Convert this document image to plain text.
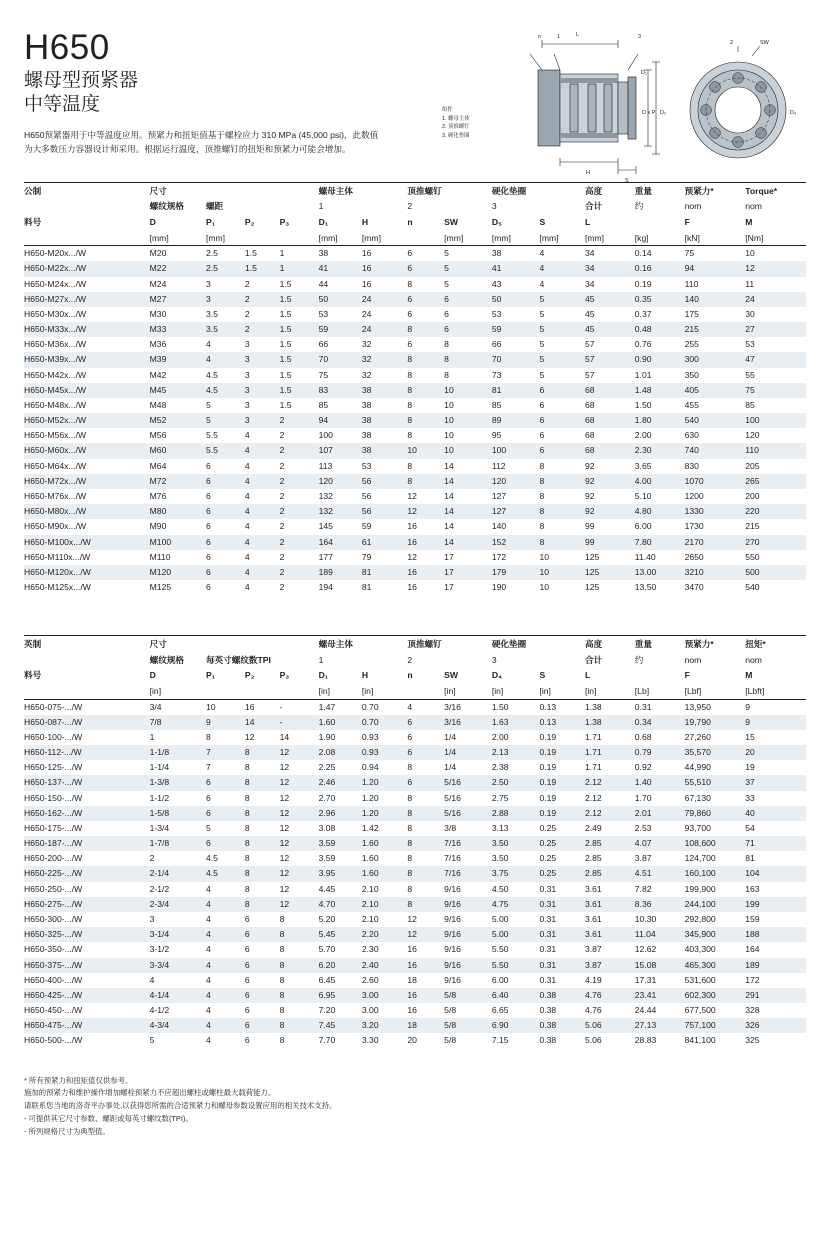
H650
螺母型预紧器
中等温度
H650预紧器用于中等温度应用。预紧力和扭矩值基于螺栓应力 310 MPa (45,000 psi)，此数值为大多数压力容器设计师采用。根据运行温度，顶推螺钉的扭矩和预紧力可能会增加。
n	1	L	3
D₁
D x P D₂
H
S
2	SW
D₃
组件
1. 螺母主体
2. 顶推螺钉
3. 硬化垫圈
公制	尺寸				螺母主体		顶推螺钉		硬化垫圈		高度	重量	预紧力*	Torque*
	螺纹规格	螺距			1		2		3		合计	约	nom	nom
料号	D	P₁	P₂	P₃	D₁	H	n	SW	D₅	S	L		F	M
	[mm]	[mm]			[mm]	[mm]		[mm]	[mm]	[mm]	[mm]	[kg]	[kN]	[Nm]
H650-M20x.../W	M20	2.5	1.5	1	38	16	6	5	38	4	34	0.14	75	10
H650-M22x.../W	M22	2.5	1.5	1	41	16	6	5	41	4	34	0.16	94	12
H650-M24x.../W	M24	3	2	1.5	44	16	8	5	43	4	34	0.19	110	11
H650-M27x.../W	M27	3	2	1.5	50	24	6	6	50	5	45	0.35	140	24
H650-M30x.../W	M30	3.5	2	1.5	53	24	6	6	53	5	45	0.37	175	30
H650-M33x.../W	M33	3.5	2	1.5	59	24	8	6	59	5	45	0.48	215	27
H650-M36x.../W	M36	4	3	1.5	66	32	6	8	66	5	57	0.76	255	53
H650-M39x.../W	M39	4	3	1.5	70	32	8	8	70	5	57	0.90	300	47
H650-M42x.../W	M42	4.5	3	1.5	75	32	8	8	73	5	57	1.01	350	55
H650-M45x.../W	M45	4.5	3	1.5	83	38	8	10	81	6	68	1.48	405	75
H650-M48x.../W	M48	5	3	1.5	85	38	8	10	85	6	68	1.50	455	85
H650-M52x.../W	M52	5	3	2	94	38	8	10	89	6	68	1.80	540	100
H650-M56x.../W	M56	5.5	4	2	100	38	8	10	95	6	68	2.00	630	120
H650-M60x.../W	M60	5.5	4	2	107	38	10	10	100	6	68	2.30	740	110
H650-M64x.../W	M64	6	4	2	113	53	8	14	112	8	92	3.65	830	205
H650-M72x.../W	M72	6	4	2	120	56	8	14	120	8	92	4.00	1070	265
H650-M76x.../W	M76	6	4	2	132	56	12	14	127	8	92	5.10	1200	200
H650-M80x.../W	M80	6	4	2	132	56	12	14	127	8	92	4.80	1330	220
H650-M90x.../W	M90	6	4	2	145	59	16	14	140	8	99	6.00	1730	215
H650-M100x.../W	M100	6	4	2	164	61	16	14	152	8	99	7.80	2170	270
H650-M110x.../W	M110	6	4	2	177	79	12	17	172	10	125	11.40	2650	550
H650-M120x.../W	M120	6	4	2	189	81	16	17	179	10	125	13.00	3210	500
H650-M125x.../W	M125	6	4	2	194	81	16	17	190	10	125	13.50	3470	540
英制	尺寸				螺母主体		顶推螺钉		硬化垫圈		高度	重量	预紧力*	扭矩*
	螺纹规格	每英寸螺纹数TPI			1		2		3		合计	约	nom	nom
料号	D	P₁	P₂	P₃	D₁	H	n	SW	D₄	S	L		F	M
	[in]				[in]	[in]		[in]	[in]	[in]	[in]	[Lb]	[Lbf]	[Lbft]
H650-075-.../W	3/4	10	16	-	1.47	0.70	4	3/16	1.50	0.13	1.38	0.31	13,950	9
H650-087-.../W	7/8	9	14	-	1.60	0.70	6	3/16	1.63	0.13	1.38	0.34	19,790	9
H650-100-.../W	1	8	12	14	1.90	0.93	6	1/4	2.00	0.19	1.71	0.68	27,260	15
H650-112-.../W	1-1/8	7	8	12	2.08	0.93	6	1/4	2.13	0.19	1.71	0.79	35,570	20
H650-125-.../W	1-1/4	7	8	12	2.25	0.94	8	1/4	2.38	0.19	1.71	0.92	44,990	19
H650-137-.../W	1-3/8	6	8	12	2.46	1.20	6	5/16	2.50	0.19	2.12	1.40	55,510	37
H650-150-.../W	1-1/2	6	8	12	2.70	1.20	8	5/16	2.75	0.19	2.12	1.70	67,130	33
H650-162-.../W	1-5/8	6	8	12	2.96	1.20	8	5/16	2.88	0.19	2.12	2.01	79,860	40
H650-175-.../W	1-3/4	5	8	12	3.08	1.42	8	3/8	3.13	0.25	2.49	2.53	93,700	54
H650-187-.../W	1-7/8	6	8	12	3.59	1.60	8	7/16	3.50	0.25	2.85	4.07	108,600	71
H650-200-.../W	2	4.5	8	12	3.59	1.60	8	7/16	3.50	0.25	2.85	3.87	124,700	81
H650-225-.../W	2-1/4	4.5	8	12	3.95	1.60	8	7/16	3.75	0.25	2.85	4.51	160,100	104
H650-250-.../W	2-1/2	4	8	12	4.45	2.10	8	9/16	4.50	0.31	3.61	7.82	199,900	163
H650-275-.../W	2-3/4	4	8	12	4.70	2.10	8	9/16	4.75	0.31	3.61	8.36	244,100	199
H650-300-.../W	3	4	6	8	5.20	2.10	12	9/16	5.00	0.31	3.61	10.30	292,800	159
H650-325-.../W	3-1/4	4	6	8	5.45	2.20	12	9/16	5.00	0.31	3.61	11.04	345,900	188
H650-350-.../W	3-1/2	4	6	8	5.70	2.30	16	9/16	5.50	0.31	3.87	12.62	403,300	164
H650-375-.../W	3-3/4	4	6	8	6.20	2.40	16	9/16	5.50	0.31	3.87	15.08	465,300	189
H650-400-.../W	4	4	6	8	6.45	2.60	18	9/16	6.00	0.31	4.19	17.31	531,600	172
H650-425-.../W	4-1/4	4	6	8	6.95	3.00	16	5/8	6.40	0.38	4.76	23.41	602,300	291
H650-450-.../W	4-1/2	4	6	8	7.20	3.00	16	5/8	6.65	0.38	4.76	24.44	677,500	328
H650-475-.../W	4-3/4	4	6	8	7.45	3.20	18	5/8	6.90	0.38	5.06	27.13	757,100	326
H650-500-.../W	5	4	6	8	7.70	3.30	20	5/8	7.15	0.38	5.06	28.83	841,100	325
* 所有预紧力和扭矩值仅供参考。
施加的预紧力和维护操作增加螺栓预紧力不应超出螺柱或螺柱最大载荷能力。
请联系您当地的洛奇平办事处,以获得您所需的合适预紧力和螺母参数设置应用的相关技术支持。
- 可提供其它尺寸参数、螺距或每英寸螺纹数(TPI)。
- 所列规格尺寸为典型值。
